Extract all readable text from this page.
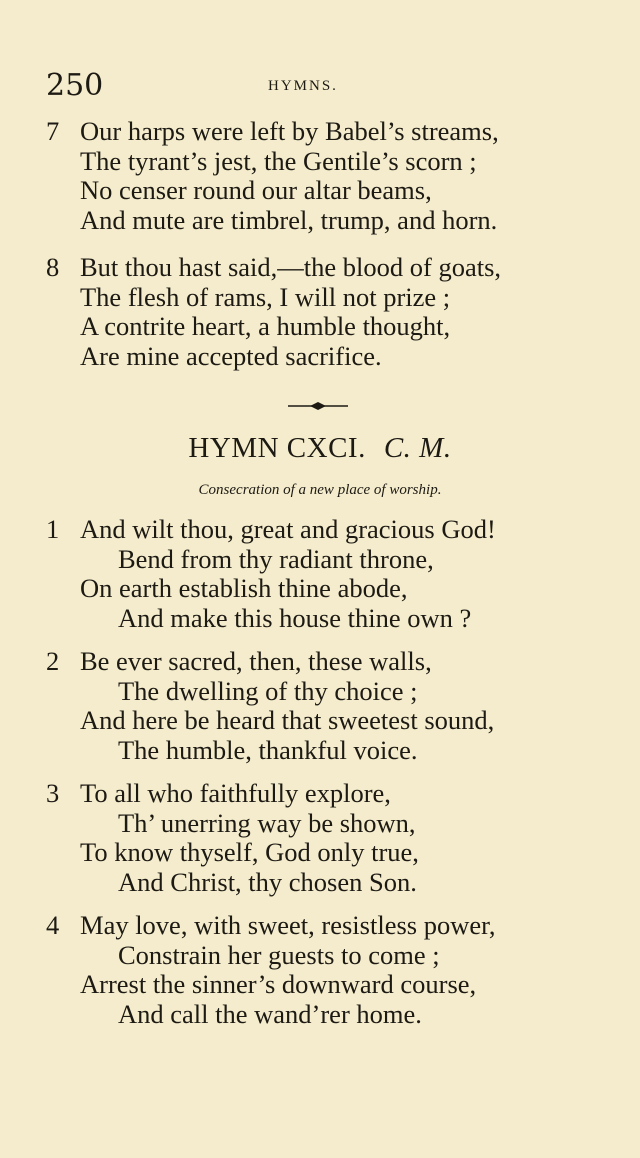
250	HYMNS.
7 Our harps were left by Babel’s streams,
The tyrant’s jest, the Gentile’s scorn ;
No censer round our altar beams,
And mute are timbrel, trump, and horn.
8 But thou hast said,—the blood of goats,
The flesh of rams, I will not prize ;
A contrite heart, a humble thought,
Are mine accepted sacrifice.
HYMN CXCI. C. M.
Consecration of a new place of worship.
1 And wilt thou, great and gracious God!
Bend from thy radiant throne,
On earth establish thine abode,
And make this house thine own ?
2 Be ever sacred, then, these walls,
The dwelling of thy choice ;
And here be heard that sweetest sound,
The humble, thankful voice.
3 To all who faithfully explore,
Th’ unerring way be shown,
To know thyself, God only true,
And Christ, thy chosen Son.
4 May love, with sweet, resistless power,
Constrain her guests to come ;
Arrest the sinner’s downward course,
And call the wand’rer home.
